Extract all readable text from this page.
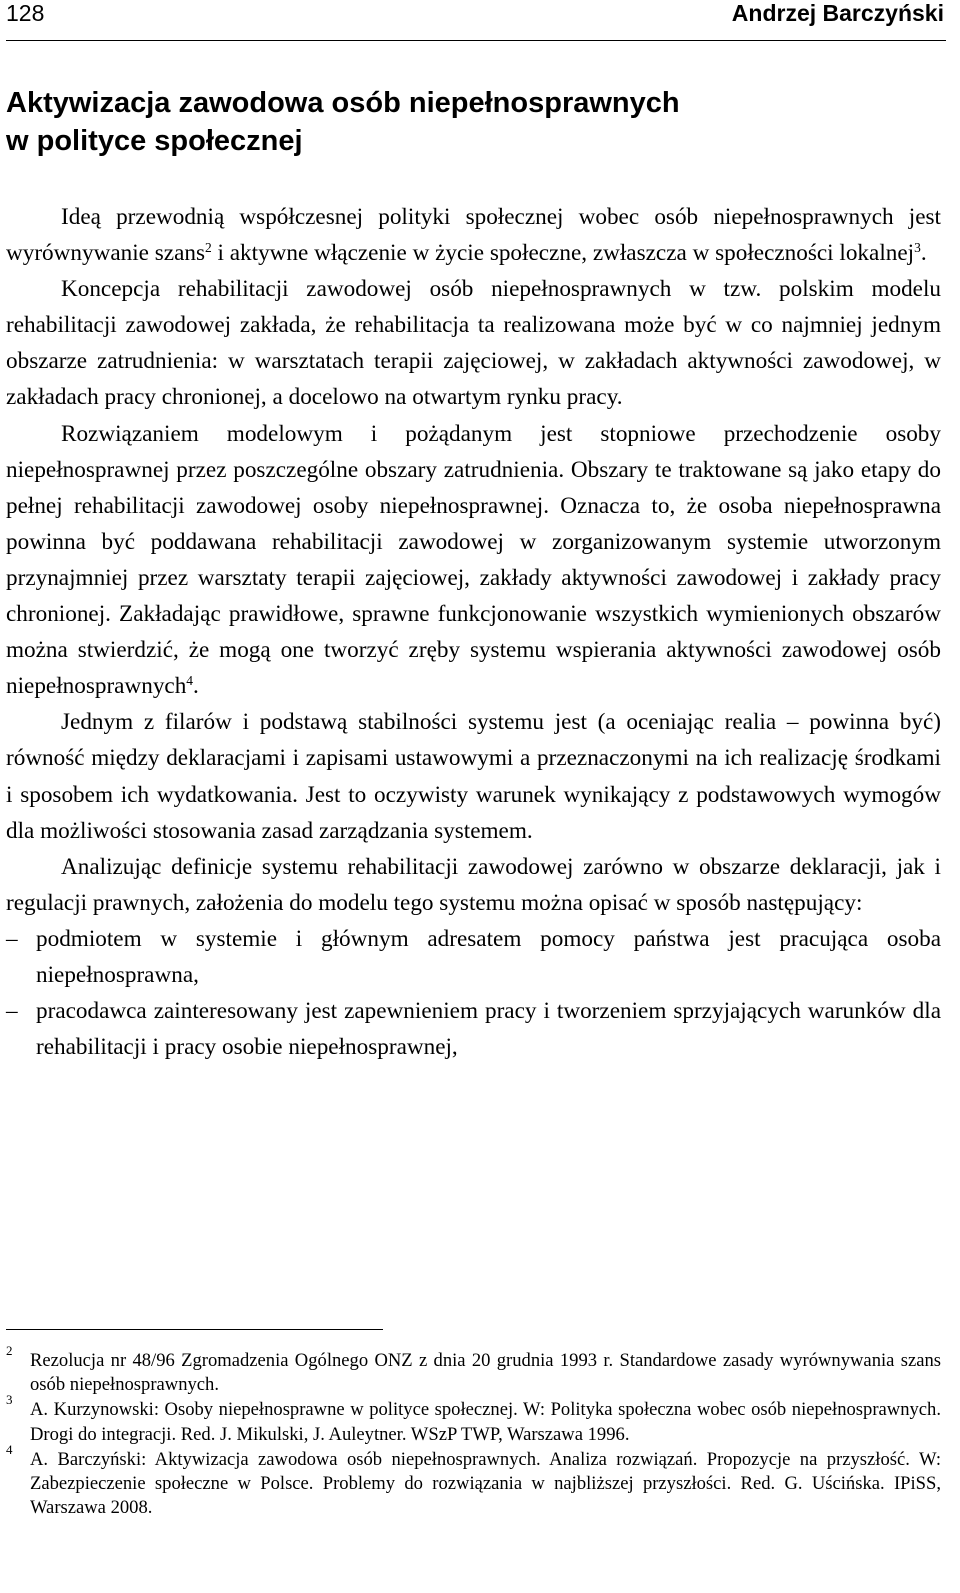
128	Andrzej Barczyński
Aktywizacja zawodowa osób niepełnosprawnych
w polityce społecznej

Ideą przewodnią współczesnej polityki społecznej wobec osób niepełnosprawnych jest wyrównywanie szans$^2$ i aktywne włączenie w życie społeczne, zwłaszcza w społeczności lokalnej$^3$.

Koncepcja rehabilitacji zawodowej osób niepełnosprawnych w tzw. polskim modelu rehabilitacji zawodowej zakłada, że rehabilitacja ta realizowana może być w co najmniej jednym obszarze zatrudnienia: w warsztatach terapii zajęciowej, w zakładach aktywności zawodowej, w zakładach pracy chronionej, a docelowo na otwartym rynku pracy.

Rozwiązaniem modelowym i pożądanym jest stopniowe przechodzenie osoby niepełnosprawnej przez poszczególne obszary zatrudnienia. Obszary te traktowane są jako etapy do pełnej rehabilitacji zawodowej osoby niepełnosprawnej. Oznacza to, że osoba niepełnosprawna powinna być poddawana rehabilitacji zawodowej w zorganizowanym systemie utworzonym przynajmniej przez warsztaty terapii zajęciowej, zakłady aktywności zawodowej i zakłady pracy chronionej. Zakładając prawidłowe, sprawne funkcjonowanie wszystkich wymienionych obszarów można stwierdzić, że mogą one tworzyć zręby systemu wspierania aktywności zawodowej osób niepełnosprawnych$^4$.

Jednym z filarów i podstawą stabilności systemu jest (a oceniając realia – powinna być) równość między deklaracjami i zapisami ustawowymi a przeznaczonymi na ich realizację środkami i sposobem ich wydatkowania. Jest to oczywisty warunek wynikający z podstawowych wymogów dla możliwości stosowania zasad zarządzania systemem.

Analizując definicje systemu rehabilitacji zawodowej zarówno w obszarze deklaracji, jak i regulacji prawnych, założenia do modelu tego systemu można opisać w sposób następujący:

– podmiotem w systemie i głównym adresatem pomocy państwa jest pracująca osoba niepełnosprawna,

– pracodawca zainteresowany jest zapewnieniem pracy i tworzeniem sprzyjających warunków dla rehabilitacji i pracy osobie niepełnosprawnej,

2 Rezolucja nr 48/96 Zgromadzenia Ogólnego ONZ z dnia 20 grudnia 1993 r. Standardowe zasady wyrównywania szans osób niepełnosprawnych.

3 A. Kurzynowski: Osoby niepełnosprawne w polityce społecznej. W: Polityka społeczna wobec osób niepełnosprawnych. Drogi do integracji. Red. J. Mikulski, J. Auleytner. WSzP TWP, Warszawa 1996.

4 A. Barczyński: Aktywizacja zawodowa osób niepełnosprawnych. Analiza rozwiązań. Propozycje na przyszłość. W: Zabezpieczenie społeczne w Polsce. Problemy do rozwiązania w najbliższej przyszłości. Red. G. Uścińska. IPiSS, Warszawa 2008.
